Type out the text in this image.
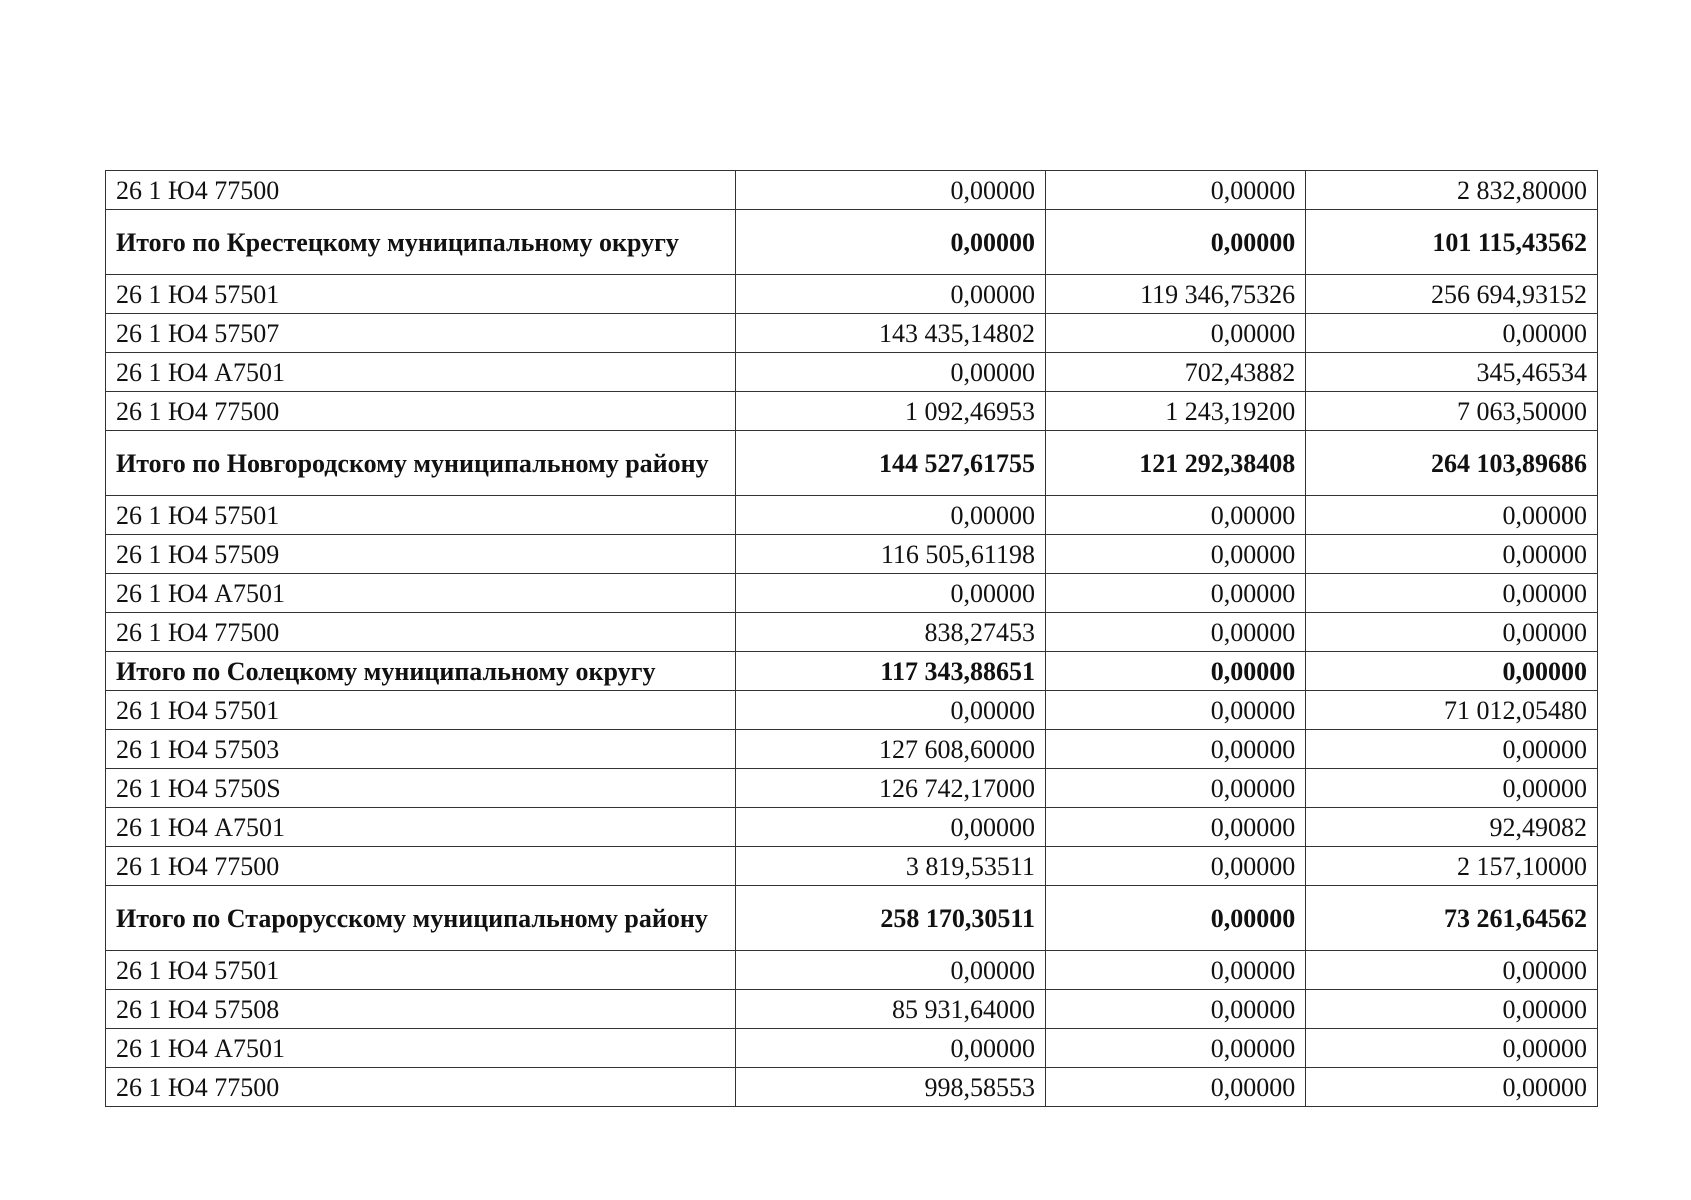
26 1 Ю4 77500	0,00000	0,00000	2 832,80000
Итого по Крестецкому муниципальному округу	0,00000	0,00000	101 115,43562
26 1 Ю4 57501	0,00000	119 346,75326	256 694,93152
26 1 Ю4 57507	143 435,14802	0,00000	0,00000
26 1 Ю4 A7501	0,00000	702,43882	345,46534
26 1 Ю4 77500	1 092,46953	1 243,19200	7 063,50000
Итого по Новгородскому муниципальному району	144 527,61755	121 292,38408	264 103,89686
26 1 Ю4 57501	0,00000	0,00000	0,00000
26 1 Ю4 57509	116 505,61198	0,00000	0,00000
26 1 Ю4 A7501	0,00000	0,00000	0,00000
26 1 Ю4 77500	838,27453	0,00000	0,00000
Итого по Солецкому муниципальному округу	117 343,88651	0,00000	0,00000
26 1 Ю4 57501	0,00000	0,00000	71 012,05480
26 1 Ю4 57503	127 608,60000	0,00000	0,00000
26 1 Ю4 5750S	126 742,17000	0,00000	0,00000
26 1 Ю4 A7501	0,00000	0,00000	92,49082
26 1 Ю4 77500	3 819,53511	0,00000	2 157,10000
Итого по Старорусскому муниципальному району	258 170,30511	0,00000	73 261,64562
26 1 Ю4 57501	0,00000	0,00000	0,00000
26 1 Ю4 57508	85 931,64000	0,00000	0,00000
26 1 Ю4 A7501	0,00000	0,00000	0,00000
26 1 Ю4 77500	998,58553	0,00000	0,00000
